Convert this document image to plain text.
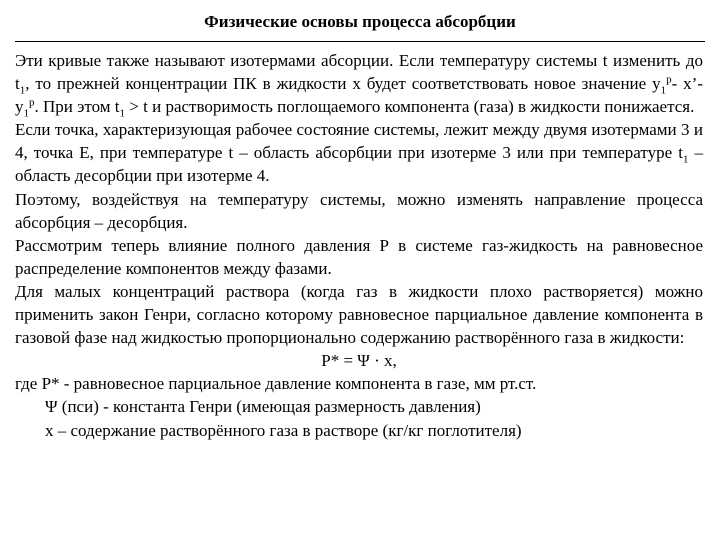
Физические основы процесса абсорбции

Эти кривые также называют изотермами абсорции. Если температуру системы t изменить до $t_1$, то прежней концентрации ПК в жидкости x будет соответствовать новое значение $y_1^p-$ x’- $y_1^p$. При этом $t_1 > t$ и растворимость поглощаемого компонента (газа) в жидкости понижается.

Если точка, характеризующая рабочее состояние системы, лежит между двумя изотермами 3 и 4, точка Е, при температуре t – область абсорбции при изотерме 3 или при температуре $t_1$ – область десорбции при изотерме 4.

Поэтому, воздействуя на температуру системы, можно изменять направление процесса абсорбция – десорбция.

Рассмотрим теперь влияние полного давления Р в системе газ-жидкость на равновесное распределение компонентов между фазами.

Для малых концентраций раствора (когда газ в жидкости плохо растворяется) можно применить закон Генри, согласно которому равновесное парциальное давление компонента в газовой фазе над жидкостью пропорционально содержанию растворённого газа в жидкости:

Р* = Ψ · x,

где Р* - равновесное парциальное давление компонента в газе, мм рт.ст.

Ψ (пси) - константа Генри (имеющая размерность давления)

x – содержание растворённого газа в растворе (кг/кг поглотителя)
